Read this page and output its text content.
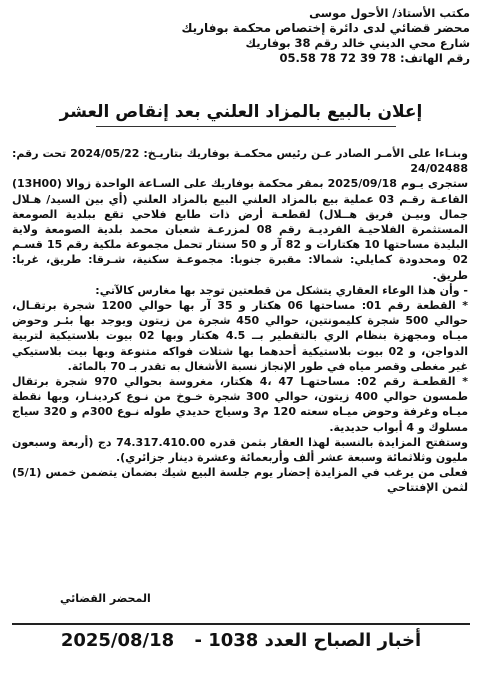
مكتب الأستاذ/ الأحول موسى
محضر قضائي لدى دائرة إختصاص محكمة بوفاريك
شارع محي الديني خالد رقم 38 بوفاريك
رقم الهاتف: 78 39 72 78 05.58
إعلان بالبيع بالمزاد العلني بعد إنقاص العشر

وبنـاءا على الأمـر الصادر عـن رئيس محكمـة بوفاريك بتاريـخ: 2024/05/22 تحت رقم: 24/02488

ستجرى يـوم 2025/09/18 بمقر محكمة بوفاريك على السـاعة الواحدة زوالا (13H00) القاعـة رقـم 03 عملية بيع بالمزاد العلني البيع بالمزاد العلني (أي بين السيد/ هـلال جمال وبيـن فريق هــلال) لقطعـة أرض ذات طابع فلاحي تقع ببلدية الصومعة المستثمرة الفلاحيـة الفرديـة رقم 08 لمزرعـة شعبان محمد بلدية الصومعة ولاية البليدة مساحتها 10 هكتارات و 82 آر و 50 سنتار تحمل مجموعة ملكية رقم 15 قسـم 02 ومحدودة كمايلي: شمالا: مقبرة جنوبا: مجموعـة سكنية، شـرقا: طريق، غربا: طريق.

- وأن هذا الوعاء العقاري يتشكل من قطعتين توجد بها مغارس كالآتي:

* القطعة رقم 01: مساحتها 06 هكتار و 35 آر بها حوالي 1200 شجرة برتقـال، حوالي 500 شجرة كليمونتين، حوالي 450 شجرة من زيتون ويوجد بها بئـر وحوض ميـاه ومجهزة بنظام الري بالتقطير بــ 4.5 هكتار وبها 02 بيوت بلاستيكية لتربية الدواجن، و 02 بيوت بلاستيكية أحدهما بها شتلات فواكه متنوعة وبها بيت بلاستيكي غير مغطى وقصر مياه في طور الإنجاز نسبة الأشغال به تقدر بـ 70 بالمائة.

* القطعـة رقم 02: مساحتهـا 47 ،4 هكتار، مغروسة بحوالي 970 شجرة برتقال طمسون حوالي 400 زيتون، حوالي 300 شجرة خـوخ من نـوع كردينـار، وبها نقطة ميـاه وغرفة وحوض ميـاه سعته 120 م3 وسياج حديدي طوله نـوع 300م و 320 سياج مسلوك و 4 أبواب حديدية.

وستفتح المزايدة بالنسبة لهذا العقار بثمن قدره 74.317.410.00 دج (أربعة وسبعون مليون وثلاثمائة وسبعة عشر ألف وأربعمائة وعشرة دينار جزائري).

فعلى من يرغب في المزايدة إحضار يوم جلسة البيع شيك بضمان يتضمن خمس (5/1) لثمن الإفتتاحي

المحضر القضائي
أخبار الصباح العدد 1038 - 2025/08/18
